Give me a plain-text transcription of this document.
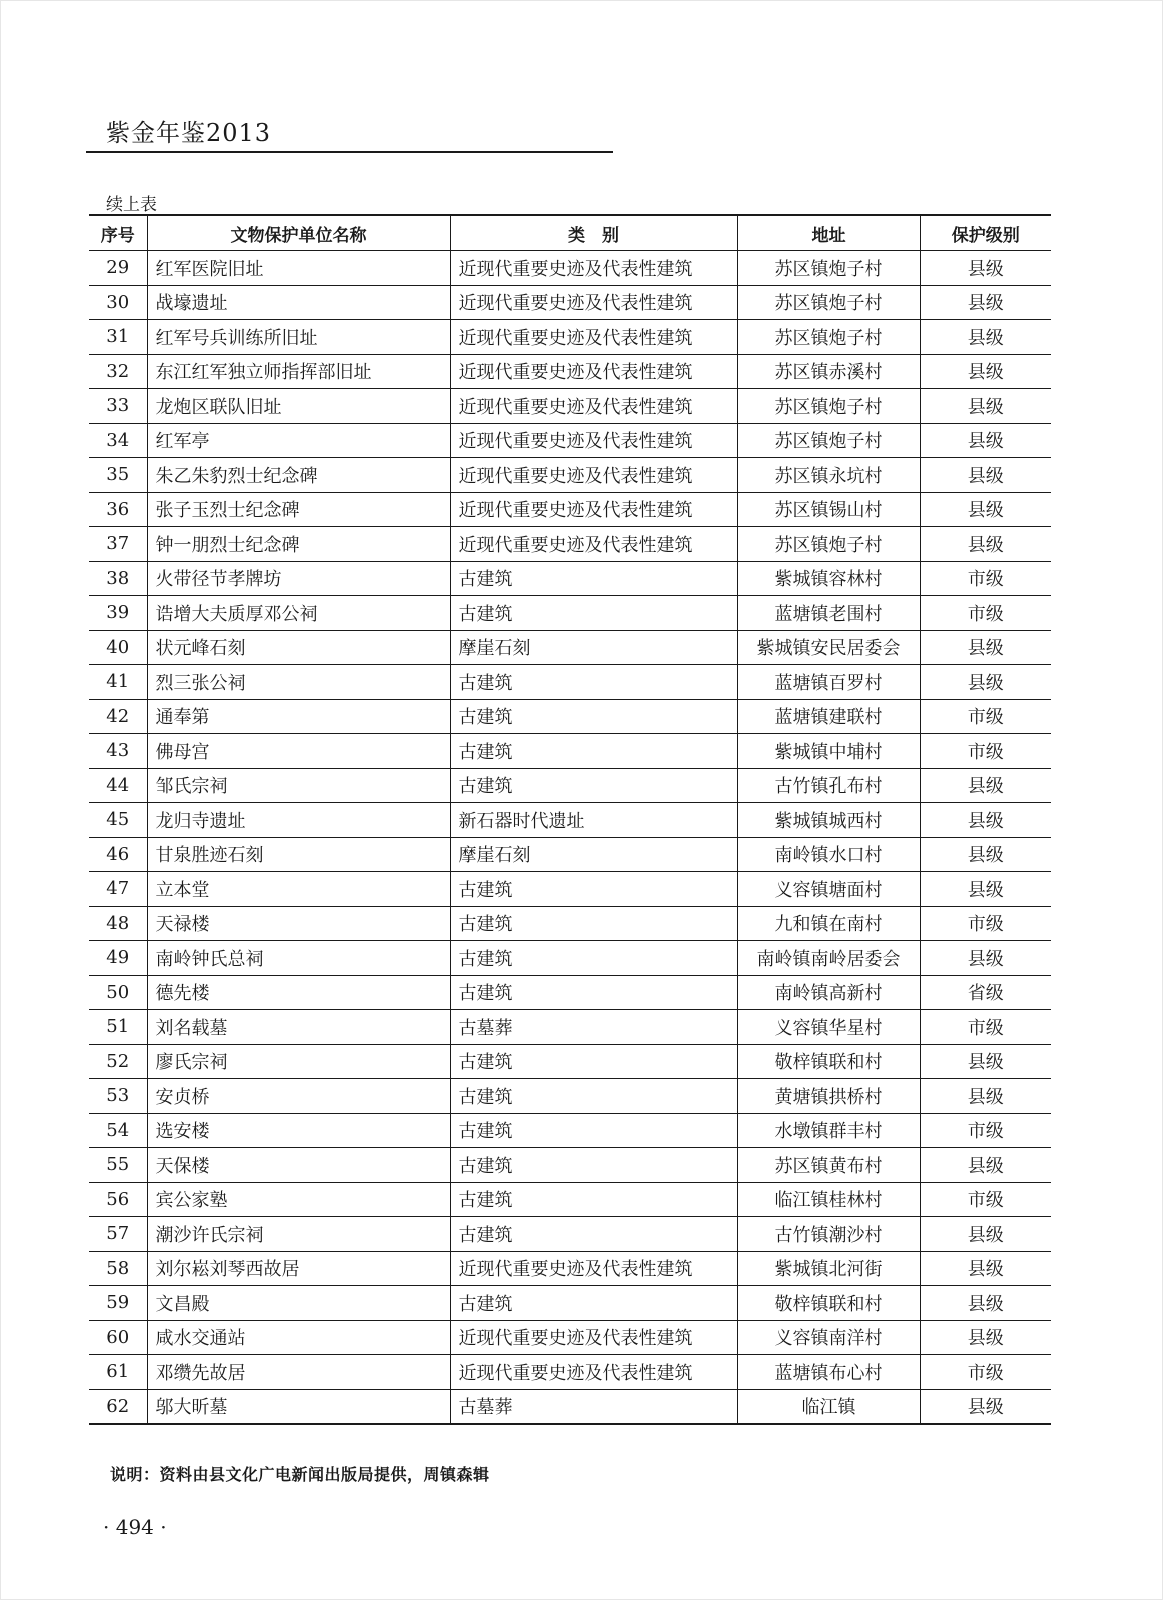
紫金年鉴2013
续上表
序号	文物保护单位名称	类　别	地址	保护级别
29	红军医院旧址	近现代重要史迹及代表性建筑	苏区镇炮子村	县级
30	战壕遗址	近现代重要史迹及代表性建筑	苏区镇炮子村	县级
31	红军号兵训练所旧址	近现代重要史迹及代表性建筑	苏区镇炮子村	县级
32	东江红军独立师指挥部旧址	近现代重要史迹及代表性建筑	苏区镇赤溪村	县级
33	龙炮区联队旧址	近现代重要史迹及代表性建筑	苏区镇炮子村	县级
34	红军亭	近现代重要史迹及代表性建筑	苏区镇炮子村	县级
35	朱乙朱豹烈士纪念碑	近现代重要史迹及代表性建筑	苏区镇永坑村	县级
36	张子玉烈士纪念碑	近现代重要史迹及代表性建筑	苏区镇锡山村	县级
37	钟一朋烈士纪念碑	近现代重要史迹及代表性建筑	苏区镇炮子村	县级
38	火带径节孝牌坊	古建筑	紫城镇容林村	市级
39	诰增大夫质厚邓公祠	古建筑	蓝塘镇老围村	市级
40	状元峰石刻	摩崖石刻	紫城镇安民居委会	县级
41	烈三张公祠	古建筑	蓝塘镇百罗村	县级
42	通奉第	古建筑	蓝塘镇建联村	市级
43	佛母宫	古建筑	紫城镇中埔村	市级
44	邹氏宗祠	古建筑	古竹镇孔布村	县级
45	龙归寺遗址	新石器时代遗址	紫城镇城西村	县级
46	甘泉胜迹石刻	摩崖石刻	南岭镇水口村	县级
47	立本堂	古建筑	义容镇塘面村	县级
48	天禄楼	古建筑	九和镇在南村	市级
49	南岭钟氏总祠	古建筑	南岭镇南岭居委会	县级
50	德先楼	古建筑	南岭镇高新村	省级
51	刘名载墓	古墓葬	义容镇华星村	市级
52	廖氏宗祠	古建筑	敬梓镇联和村	县级
53	安贞桥	古建筑	黄塘镇拱桥村	县级
54	选安楼	古建筑	水墩镇群丰村	市级
55	天保楼	古建筑	苏区镇黄布村	县级
56	宾公家塾	古建筑	临江镇桂林村	市级
57	潮沙许氏宗祠	古建筑	古竹镇潮沙村	县级
58	刘尔崧刘琴西故居	近现代重要史迹及代表性建筑	紫城镇北河街	县级
59	文昌殿	古建筑	敬梓镇联和村	县级
60	咸水交通站	近现代重要史迹及代表性建筑	义容镇南洋村	县级
61	邓缵先故居	近现代重要史迹及代表性建筑	蓝塘镇布心村	市级
62	邬大昕墓	古墓葬	临江镇	县级
说明：资料由县文化广电新闻出版局提供，周镇森辑
· 494 ·
